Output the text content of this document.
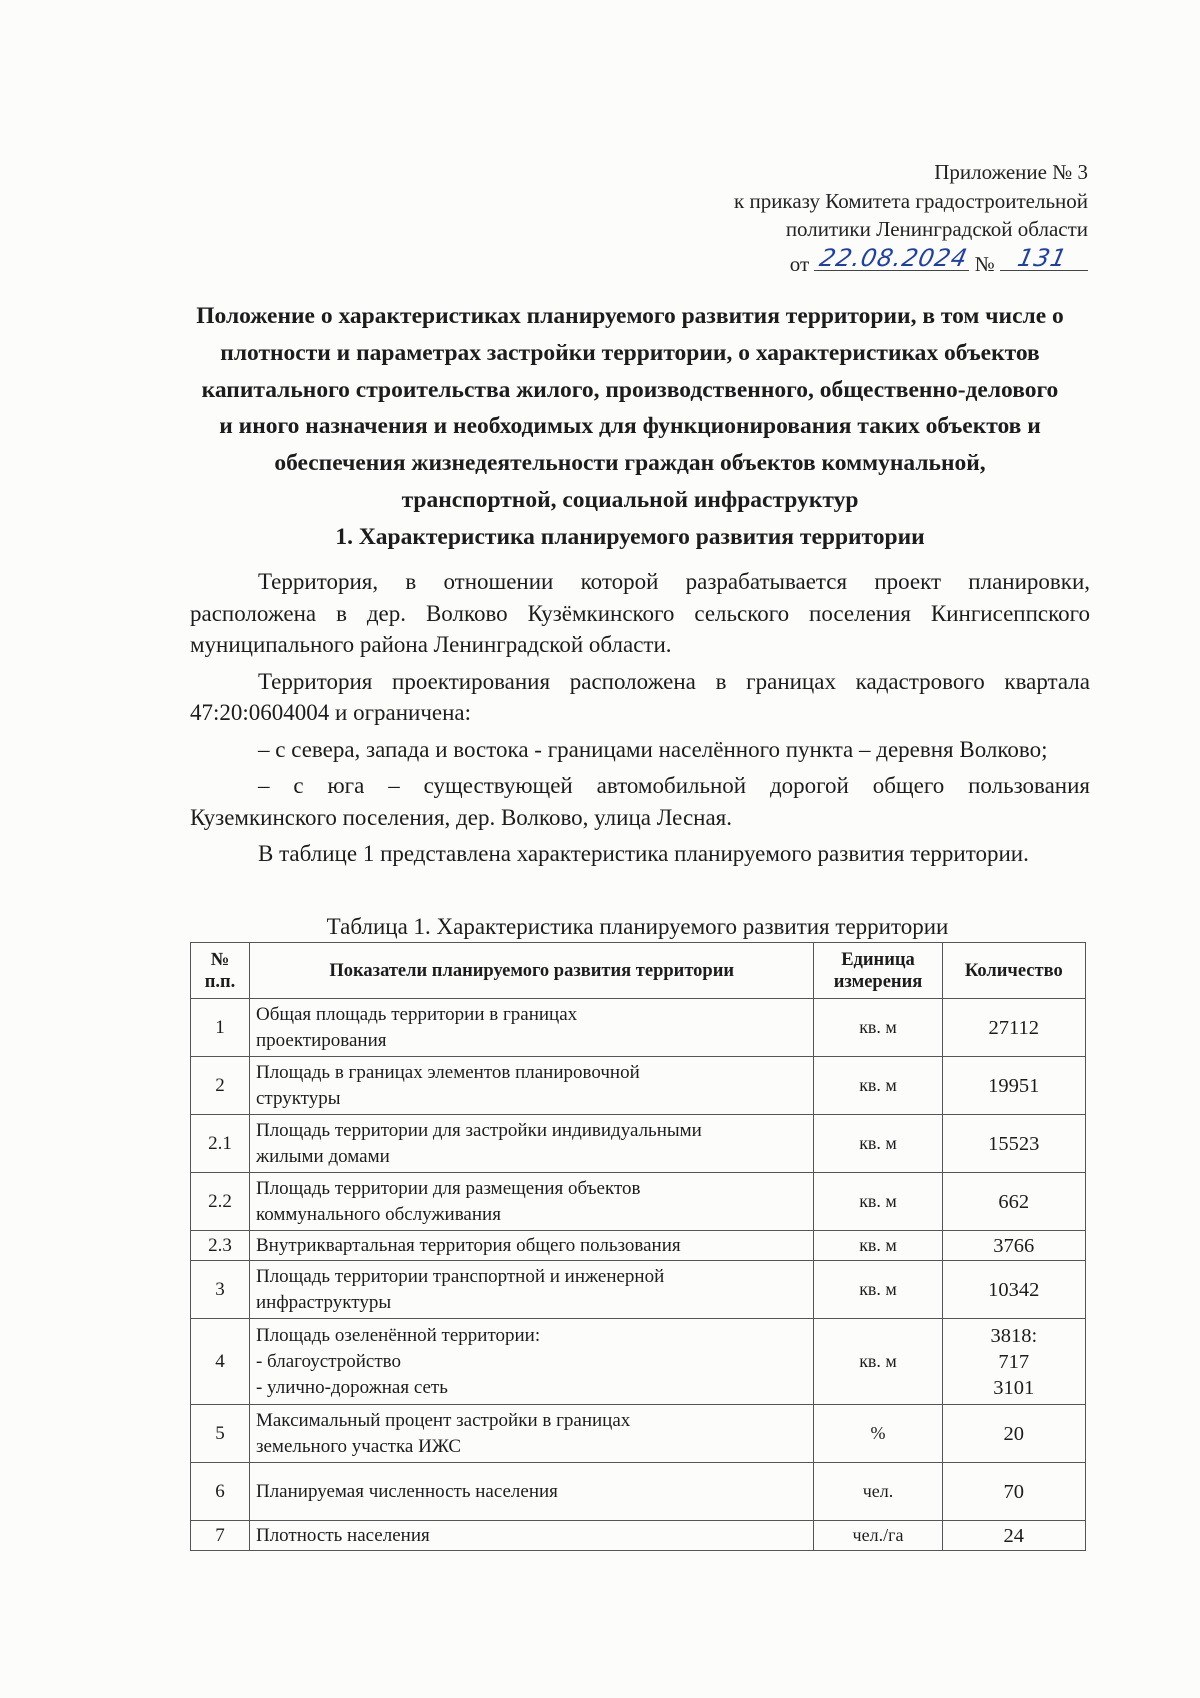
Приложение № 3
к приказу Комитета градостроительной
политики Ленинградской области
от 22.08.2024 № 131
Положение о характеристиках планируемого развития территории, в том числе о плотности и параметрах застройки территории, о характеристиках объектов капитального строительства жилого, производственного, общественно-делового и иного назначения и необходимых для функционирования таких объектов и обеспечения жизнедеятельности граждан объектов коммунальной, транспортной, социальной инфраструктур
1. Характеристика планируемого развития территории

Территория, в отношении которой разрабатывается проект планировки, расположена в дер. Волково Кузёмкинского сельского поселения Кингисеппского муниципального района Ленинградской области.

Территория проектирования расположена в границах кадастрового квартала 47:20:0604004 и ограничена:

– с севера, запада и востока - границами населённого пункта – деревня Волково;

– с юга – существующей автомобильной дорогой общего пользования Куземкинского поселения, дер. Волково, улица Лесная.

В таблице 1 представлена характеристика планируемого развития территории.

Таблица 1. Характеристика планируемого развития территории
№
п.п.	Показатели планируемого развития территории	Единица
измерения	Количество
1	Общая площадь территории в границах
проектирования	кв. м	27112
2	Площадь в границах элементов планировочной
структуры	кв. м	19951
2.1	Площадь территории для застройки индивидуальными
жилыми домами	кв. м	15523
2.2	Площадь территории для размещения объектов
коммунального обслуживания	кв. м	662
2.3	Внутриквартальная территория общего пользования	кв. м	3766
3	Площадь территории транспортной и инженерной
инфраструктуры	кв. м	10342
4	Площадь озеленённой территории:
- благоустройство
- улично-дорожная сеть	кв. м	3818:
717
3101

5	Максимальный процент застройки в границах
земельного участка ИЖС	%	20
6	Планируемая численность населения	чел.	70
7	Плотность населения	чел./га	24
